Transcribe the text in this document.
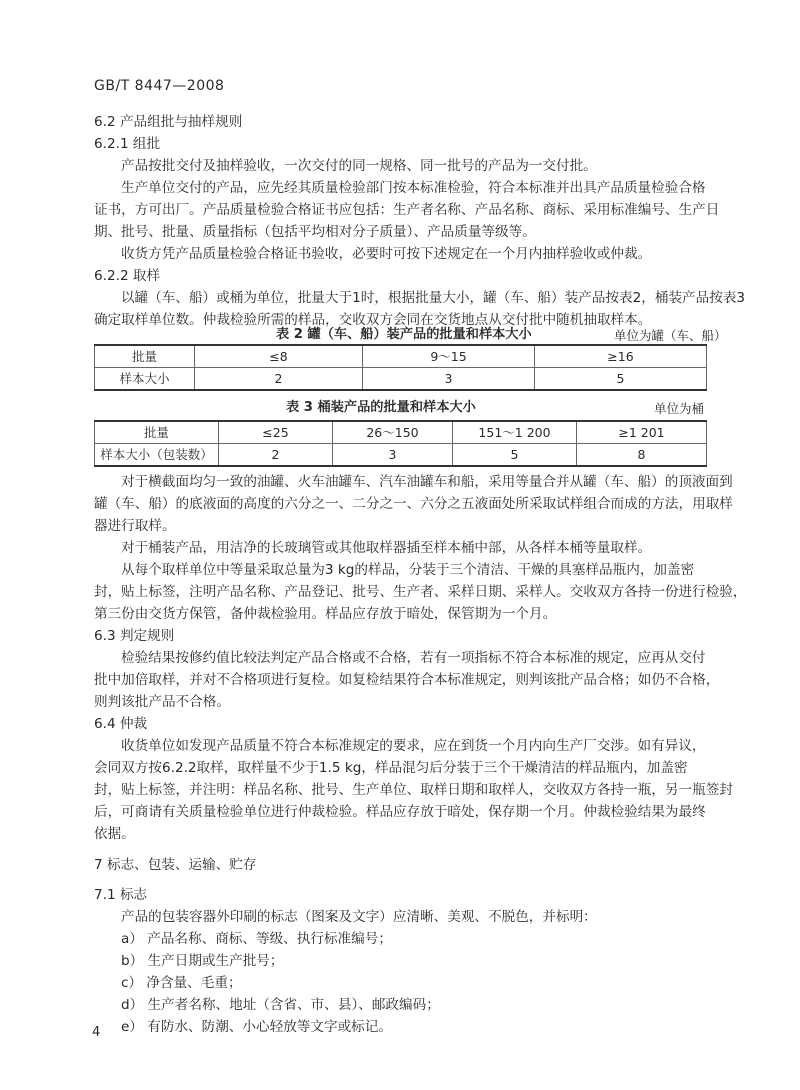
GB/T 8447—2008
6.2 产品组批与抽样规则
6.2.1 组批
产品按批交付及抽样验收，一次交付的同一规格、同一批号的产品为一交付批。
生产单位交付的产品，应先经其质量检验部门按本标准检验，符合本标准并出具产品质量检验合格
证书，方可出厂。产品质量检验合格证书应包括：生产者名称、产品名称、商标、采用标准编号、生产日
期、批号、批量、质量指标（包括平均相对分子质量）、产品质量等级等。
收货方凭产品质量检验合格证书验收，必要时可按下述规定在一个月内抽样验收或仲裁。
6.2.2 取样
以罐（车、船）或桶为单位，批量大于1时，根据批量大小，罐（车、船）装产品按表2，桶装产品按表3
确定取样单位数。仲裁检验所需的样品，交收双方会同在交货地点从交付批中随机抽取样本。
表 2 罐（车、船）装产品的批量和样本大小	单位为罐（车、船）
批量	≤8	9～15	≥16
样本大小	2	3	5
表 3 桶装产品的批量和样本大小	单位为桶
批量	≤25	26～150	151～1 200	≥1 201
样本大小（包装数）	2	3	5	8
对于横截面均匀一致的油罐、火车油罐车、汽车油罐车和船，采用等量合并从罐（车、船）的顶液面到
罐（车、船）的底液面的高度的六分之一、二分之一、六分之五液面处所采取试样组合而成的方法，用取样
器进行取样。
对于桶装产品，用洁净的长玻璃管或其他取样器插至样本桶中部，从各样本桶等量取样。
从每个取样单位中等量采取总量为3 kg的样品，分装于三个清洁、干燥的具塞样品瓶内，加盖密
封，贴上标签，注明产品名称、产品登记、批号、生产者、采样日期、采样人。交收双方各持一份进行检验，
第三份由交货方保管，备仲裁检验用。样品应存放于暗处，保管期为一个月。
6.3 判定规则
检验结果按修约值比较法判定产品合格或不合格，若有一项指标不符合本标准的规定，应再从交付
批中加倍取样，并对不合格项进行复检。如复检结果符合本标准规定，则判该批产品合格；如仍不合格，
则判该批产品不合格。
6.4 仲裁
收货单位如发现产品质量不符合本标准规定的要求，应在到货一个月内向生产厂交涉。如有异议，
会同双方按6.2.2取样，取样量不少于1.5 kg，样品混匀后分装于三个干燥清洁的样品瓶内，加盖密
封，贴上标签，并注明：样品名称、批号、生产单位、取样日期和取样人，交收双方各持一瓶，另一瓶签封
后，可商请有关质量检验单位进行仲裁检验。样品应存放于暗处，保存期一个月。仲裁检验结果为最终
依据。
7 标志、包装、运输、贮存
7.1 标志
产品的包装容器外印刷的标志（图案及文字）应清晰、美观、不脱色，并标明：
a） 产品名称、商标、等级、执行标准编号；
b） 生产日期或生产批号；
c） 净含量、毛重；
d） 生产者名称、地址（含省、市、县）、邮政编码；
e） 有防水、防潮、小心轻放等文字或标记。
4
